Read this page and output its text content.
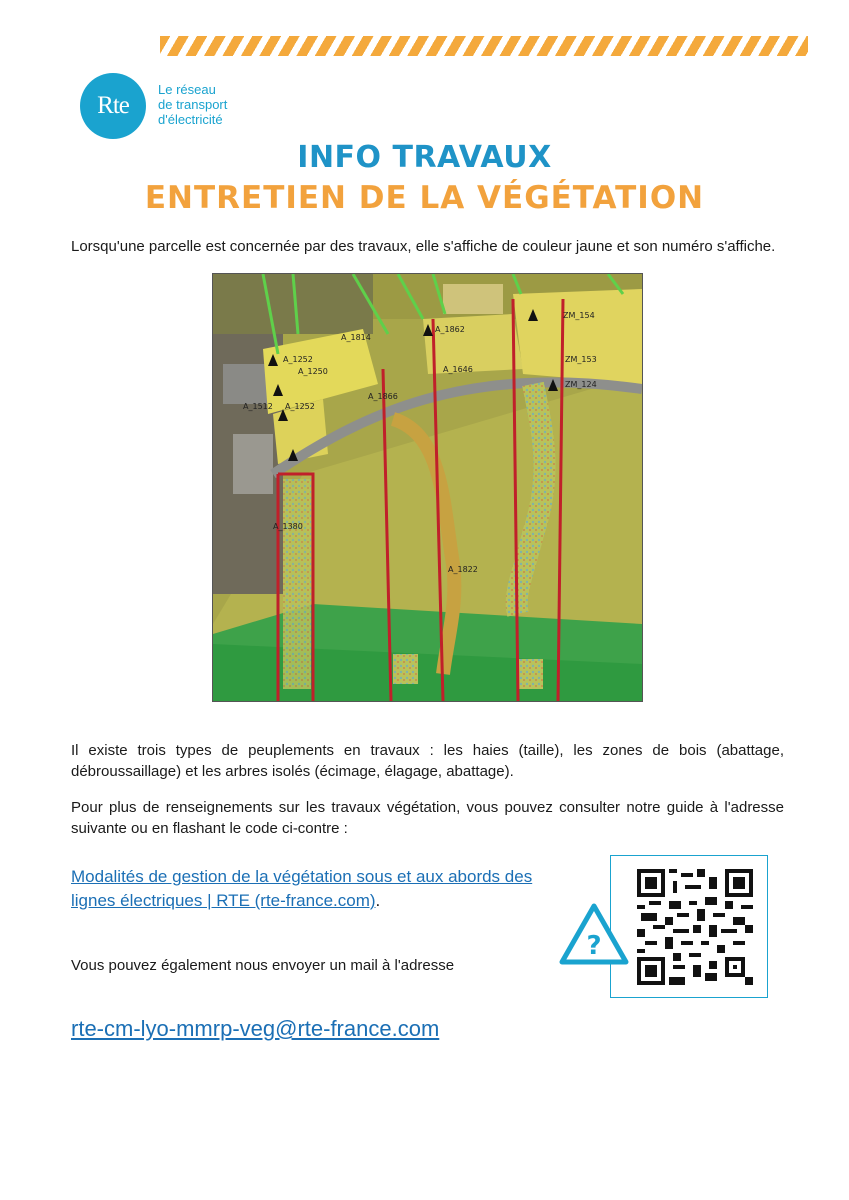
Rte
Le réseau
de transport
d'électricité
INFO TRAVAUX
ENTRETIEN DE LA VÉGÉTATION
Lorsqu'une parcelle est concernée par des travaux, elle s'affiche de couleur jaune et son numéro s'affiche.
A_1814
A_1862
ZM_154
A_1252	ZM_153
A_1250	A_1646
ZM_124
A_1866
A_1512 A_1252
A_1380
A_1822
Il existe trois types de peuplements en travaux : les haies (taille), les zones de bois (abattage, débroussaillage) et les arbres isolés (écimage, élagage, abattage).
Pour plus de renseignements sur les travaux végétation, vous pouvez consulter notre guide à l'adresse suivante ou en flashant le code ci-contre :
Modalités de gestion de la végétation sous et aux abords des lignes électriques | RTE (rte-france.com).
Vous pouvez également nous envoyer un mail à l'adresse
rte-cm-lyo-mmrp-veg@rte-france.com
?
